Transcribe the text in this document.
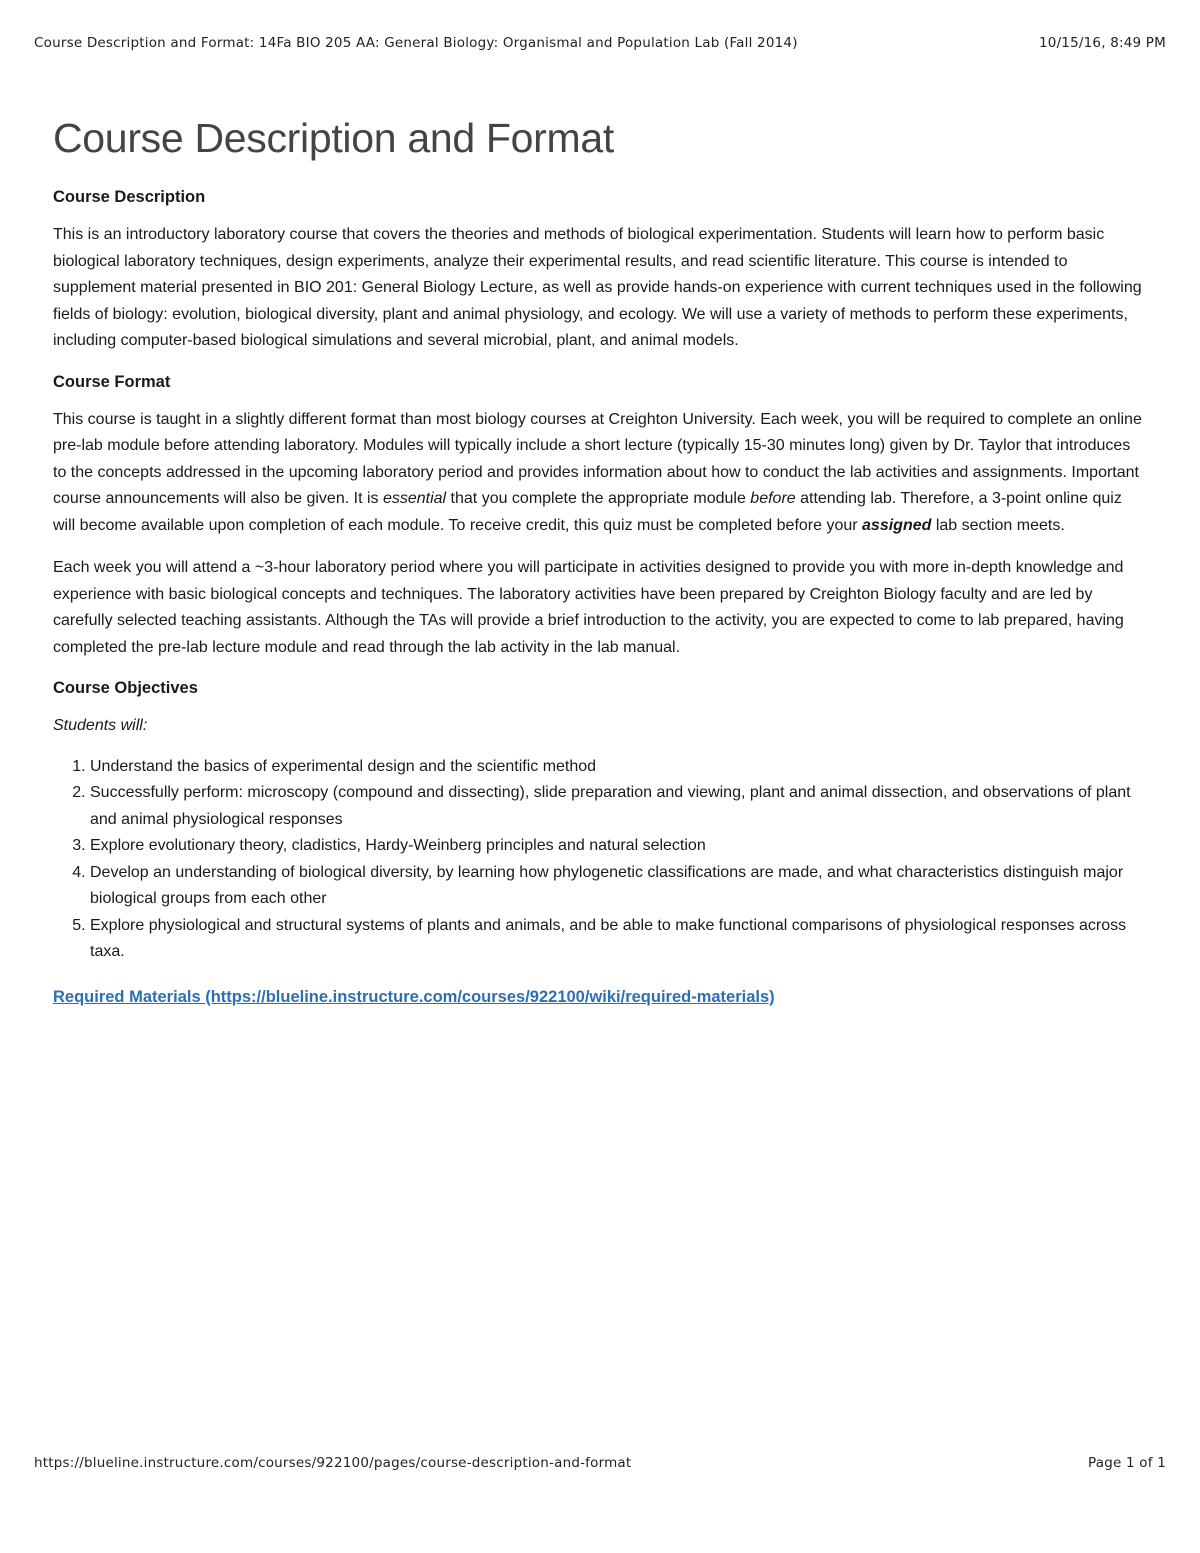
Course Description and Format: 14Fa BIO 205 AA: General Biology: Organismal and Population Lab (Fall 2014)	10/15/16, 8:49 PM
Course Description and Format
Course Description

This is an introductory laboratory course that covers the theories and methods of biological experimentation. Students will learn how to perform basic biological laboratory techniques, design experiments, analyze their experimental results, and read scientific literature. This course is intended to supplement material presented in BIO 201: General Biology Lecture, as well as provide hands-on experience with current techniques used in the following fields of biology: evolution, biological diversity, plant and animal physiology, and ecology. We will use a variety of methods to perform these experiments, including computer-based biological simulations and several microbial, plant, and animal models.

Course Format

This course is taught in a slightly different format than most biology courses at Creighton University. Each week, you will be required to complete an online pre-lab module before attending laboratory. Modules will typically include a short lecture (typically 15-30 minutes long) given by Dr. Taylor that introduces to the concepts addressed in the upcoming laboratory period and provides information about how to conduct the lab activities and assignments. Important course announcements will also be given. It is essential that you complete the appropriate module before attending lab. Therefore, a 3-point online quiz will become available upon completion of each module. To receive credit, this quiz must be completed before your assigned lab section meets.

Each week you will attend a ~3-hour laboratory period where you will participate in activities designed to provide you with more in-depth knowledge and experience with basic biological concepts and techniques. The laboratory activities have been prepared by Creighton Biology faculty and are led by carefully selected teaching assistants. Although the TAs will provide a brief introduction to the activity, you are expected to come to lab prepared, having completed the pre-lab lecture module and read through the lab activity in the lab manual.

Course Objectives

Students will:

1. Understand the basics of experimental design and the scientific method
2. Successfully perform: microscopy (compound and dissecting), slide preparation and viewing, plant and animal dissection, and observations of plant and animal physiological responses
3. Explore evolutionary theory, cladistics, Hardy-Weinberg principles and natural selection
4. Develop an understanding of biological diversity, by learning how phylogenetic classifications are made, and what characteristics distinguish major biological groups from each other
5. Explore physiological and structural systems of plants and animals, and be able to make functional comparisons of physiological responses across taxa.

Required Materials (https://blueline.instructure.com/courses/922100/wiki/required-materials)

https://blueline.instructure.com/courses/922100/pages/course-description-and-format	Page 1 of 1
